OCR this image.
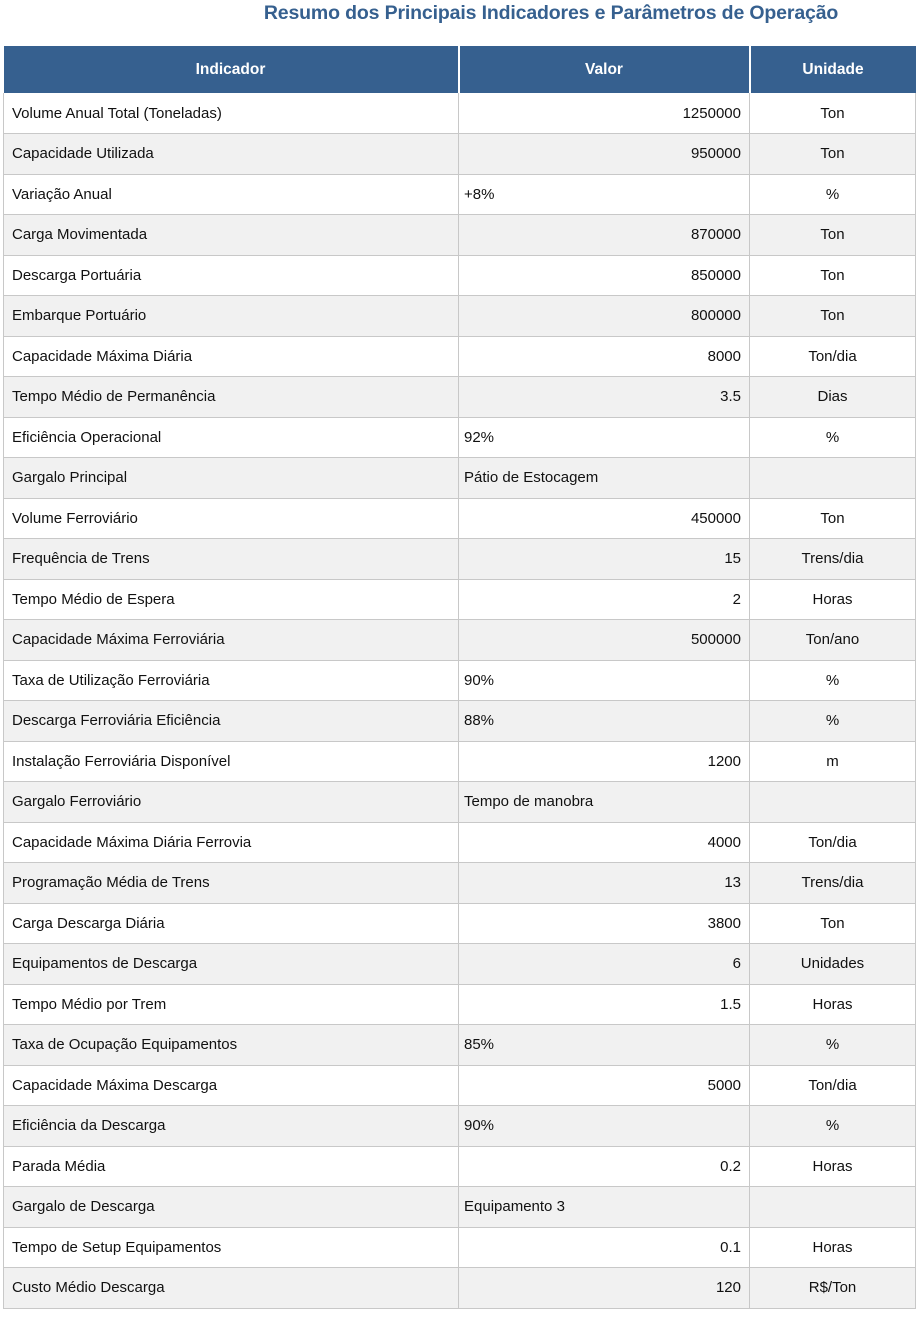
Resumo dos Principais Indicadores e Parâmetros de Operação
Indicador	Valor	Unidade
Volume Anual Total (Toneladas)	1250000	Ton
Capacidade Utilizada	950000	Ton
Variação Anual	+8%	%
Carga Movimentada	870000	Ton
Descarga Portuária	850000	Ton
Embarque Portuário	800000	Ton
Capacidade Máxima Diária	8000	Ton/dia
Tempo Médio de Permanência	3.5	Dias
Eficiência Operacional	92%	%
Gargalo Principal	Pátio de Estocagem	
Volume Ferroviário	450000	Ton
Frequência de Trens	15	Trens/dia
Tempo Médio de Espera	2	Horas
Capacidade Máxima Ferroviária	500000	Ton/ano
Taxa de Utilização Ferroviária	90%	%
Descarga Ferroviária Eficiência	88%	%
Instalação Ferroviária Disponível	1200	m
Gargalo Ferroviário	Tempo de manobra	
Capacidade Máxima Diária Ferrovia	4000	Ton/dia
Programação Média de Trens	13	Trens/dia
Carga Descarga Diária	3800	Ton
Equipamentos de Descarga	6	Unidades
Tempo Médio por Trem	1.5	Horas
Taxa de Ocupação Equipamentos	85%	%
Capacidade Máxima Descarga	5000	Ton/dia
Eficiência da Descarga	90%	%
Parada Média	0.2	Horas
Gargalo de Descarga	Equipamento 3	
Tempo de Setup Equipamentos	0.1	Horas
Custo Médio Descarga	120	R$/Ton
